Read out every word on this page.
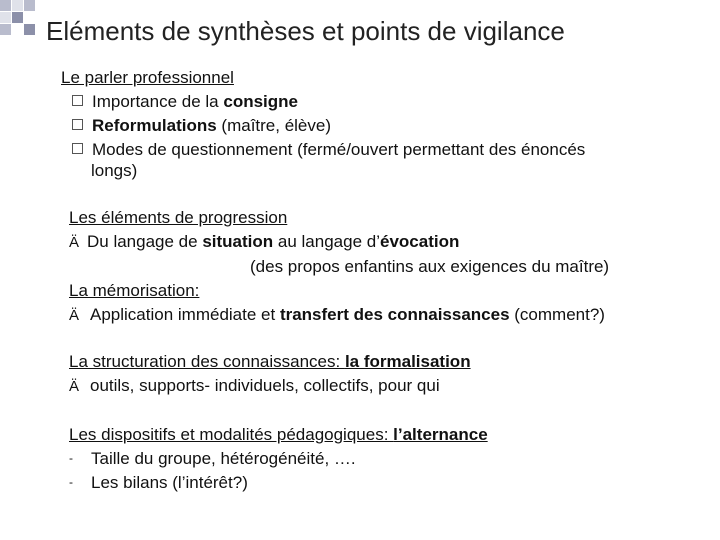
Eléments de synthèses et points de vigilance
Le parler professionnel
Importance de la consigne
Reformulations (maître, élève)
Modes de questionnement (fermé/ouvert permettant des énoncés
longs)
Les éléments de progression
Ä Du langage de situation au langage d’évocation
(des propos enfantins aux exigences du maître)
La mémorisation:
Ä Application immédiate et transfert des connaissances (comment?)
La structuration des connaissances: la formalisation
Ä outils, supports- individuels, collectifs, pour qui
Les dispositifs et modalités pédagogiques: l’alternance
- Taille du groupe, hétérogénéité, ….
- Les bilans (l’intérêt?)
